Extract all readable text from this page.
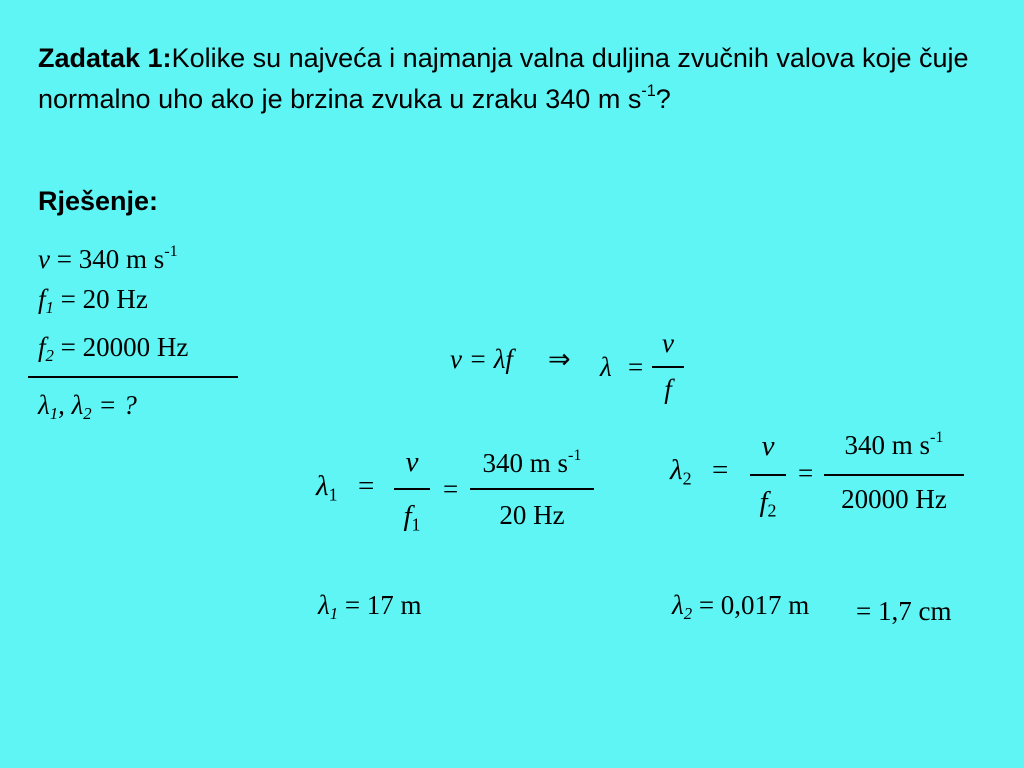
Zadatak 1:Kolike su najveća i najmanja valna duljina zvučnih valova koje čuje normalno uho ako je brzina zvuka u zraku 340 m $s^{-1}$?
Rješenje:
v = 340 m $s^{-1}$
$f_1 = 20$ Hz
$f_2 = 20000$ Hz
$\lambda_1$, $\lambda_2$ = ?
v = λf ⇒ λ =
v
f
$\lambda_1$ =
v
$f_1$
=
340 m $s^{-1}$
20 Hz
$\lambda_2$ =
v
$f_2$
=
340 m $s^{-1}$
20000 Hz
$\lambda_1 = 17$ m	$\lambda_2 = 0,017$ m = 1,7 cm
